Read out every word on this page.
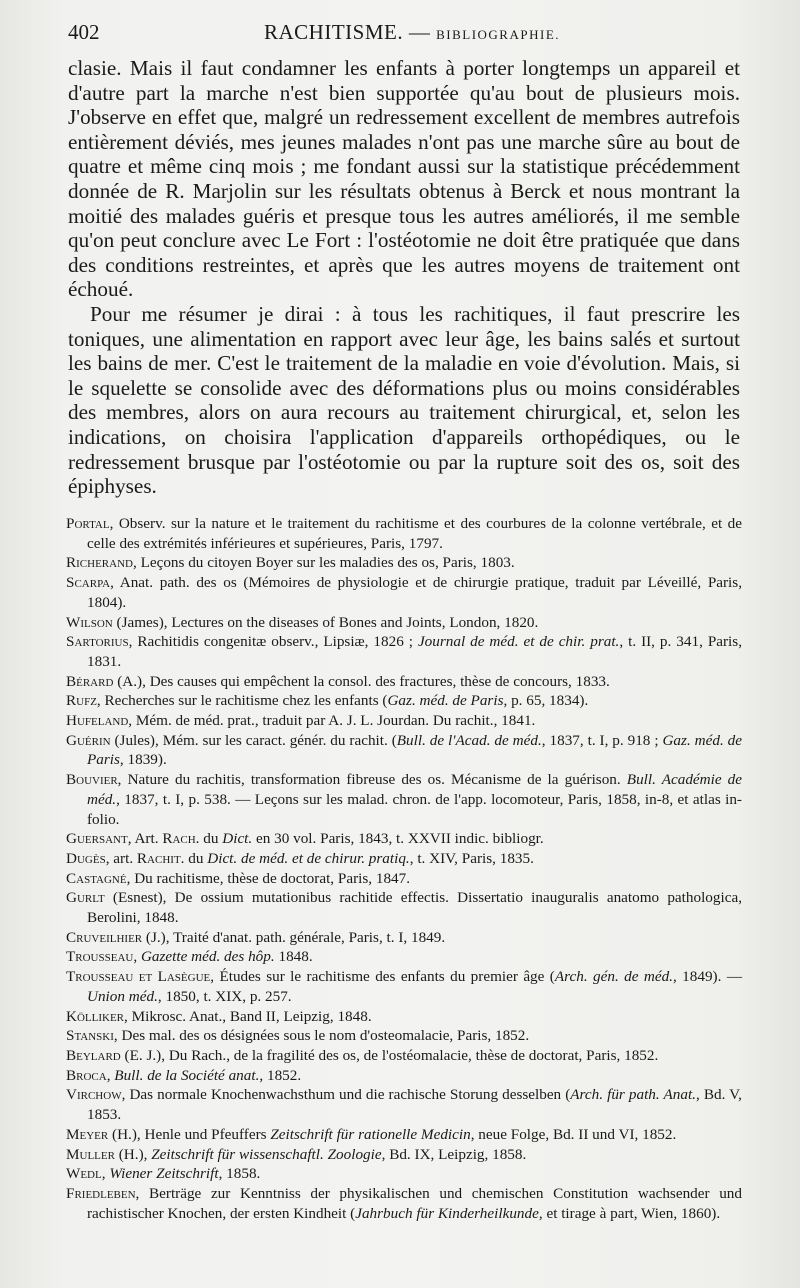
402	RACHITISME. — BIBLIOGRAPHIE.

clasie. Mais il faut condamner les enfants à porter longtemps un appareil et d'autre part la marche n'est bien supportée qu'au bout de plusieurs mois. J'observe en effet que, malgré un redressement excellent de membres autrefois entièrement déviés, mes jeunes malades n'ont pas une marche sûre au bout de quatre et même cinq mois ; me fondant aussi sur la statistique précédemment donnée de R. Marjolin sur les résultats obtenus à Berck et nous montrant la moitié des malades guéris et presque tous les autres améliorés, il me semble qu'on peut conclure avec Le Fort : l'ostéotomie ne doit être pratiquée que dans des conditions restreintes, et après que les autres moyens de traitement ont échoué.

Pour me résumer je dirai : à tous les rachitiques, il faut prescrire les toniques, une alimentation en rapport avec leur âge, les bains salés et surtout les bains de mer. C'est le traitement de la maladie en voie d'évolution. Mais, si le squelette se consolide avec des déformations plus ou moins considérables des membres, alors on aura recours au traitement chirurgical, et, selon les indications, on choisira l'application d'appareils orthopédiques, ou le redressement brusque par l'ostéotomie ou par la rupture soit des os, soit des épiphyses.

Portal, Observ. sur la nature et le traitement du rachitisme et des courbures de la colonne vertébrale, et de celle des extrémités inférieures et supérieures, Paris, 1797.

Richerand, Leçons du citoyen Boyer sur les maladies des os, Paris, 1803.

Scarpa, Anat. path. des os (Mémoires de physiologie et de chirurgie pratique, traduit par Léveillé, Paris, 1804).

Wilson (James), Lectures on the diseases of Bones and Joints, London, 1820.

Sartorius, Rachitidis congenitæ observ., Lipsiæ, 1826 ; Journal de méd. et de chir. prat., t. II, p. 341, Paris, 1831.

Bérard (A.), Des causes qui empêchent la consol. des fractures, thèse de concours, 1833.

Rufz, Recherches sur le rachitisme chez les enfants (Gaz. méd. de Paris, p. 65, 1834).

Hufeland, Mém. de méd. prat., traduit par A. J. L. Jourdan. Du rachit., 1841.

Guérin (Jules), Mém. sur les caract. génér. du rachit. (Bull. de l'Acad. de méd., 1837, t. I, p. 918 ; Gaz. méd. de Paris, 1839).

Bouvier, Nature du rachitis, transformation fibreuse des os. Mécanisme de la guérison. Bull. Académie de méd., 1837, t. I, p. 538. — Leçons sur les malad. chron. de l'app. locomoteur, Paris, 1858, in-8, et atlas in-folio.

Guersant, Art. Rach. du Dict. en 30 vol. Paris, 1843, t. XXVII indic. bibliogr.

Dugès, art. Rachit. du Dict. de méd. et de chirur. pratiq., t. XIV, Paris, 1835.

Castagné, Du rachitisme, thèse de doctorat, Paris, 1847.

Gurlt (Esnest), De ossium mutationibus rachitide effectis. Dissertatio inauguralis anatomo pathologica, Berolini, 1848.

Cruveilhier (J.), Traité d'anat. path. générale, Paris, t. I, 1849.

Trousseau, Gazette méd. des hôp. 1848.

Trousseau et Lasègue, Études sur le rachitisme des enfants du premier âge (Arch. gén. de méd., 1849). — Union méd., 1850, t. XIX, p. 257.

Kölliker, Mikrosc. Anat., Band II, Leipzig, 1848.

Stanski, Des mal. des os désignées sous le nom d'osteomalacie, Paris, 1852.

Beylard (E. J.), Du Rach., de la fragilité des os, de l'ostéomalacie, thèse de doctorat, Paris, 1852.

Broca, Bull. de la Société anat., 1852.

Virchow, Das normale Knochenwachsthum und die rachische Storung desselben (Arch. für path. Anat., Bd. V, 1853.

Meyer (H.), Henle und Pfeuffers Zeitschrift für rationelle Medicin, neue Folge, Bd. II und VI, 1852.

Muller (H.), Zeitschrift für wissenschaftl. Zoologie, Bd. IX, Leipzig, 1858.

Wedl, Wiener Zeitschrift, 1858.

Friedleben, Berträge zur Kenntniss der physikalischen und chemischen Constitution wachsender und rachistischer Knochen, der ersten Kindheit (Jahrbuch für Kinderheilkunde, et tirage à part, Wien, 1860).
